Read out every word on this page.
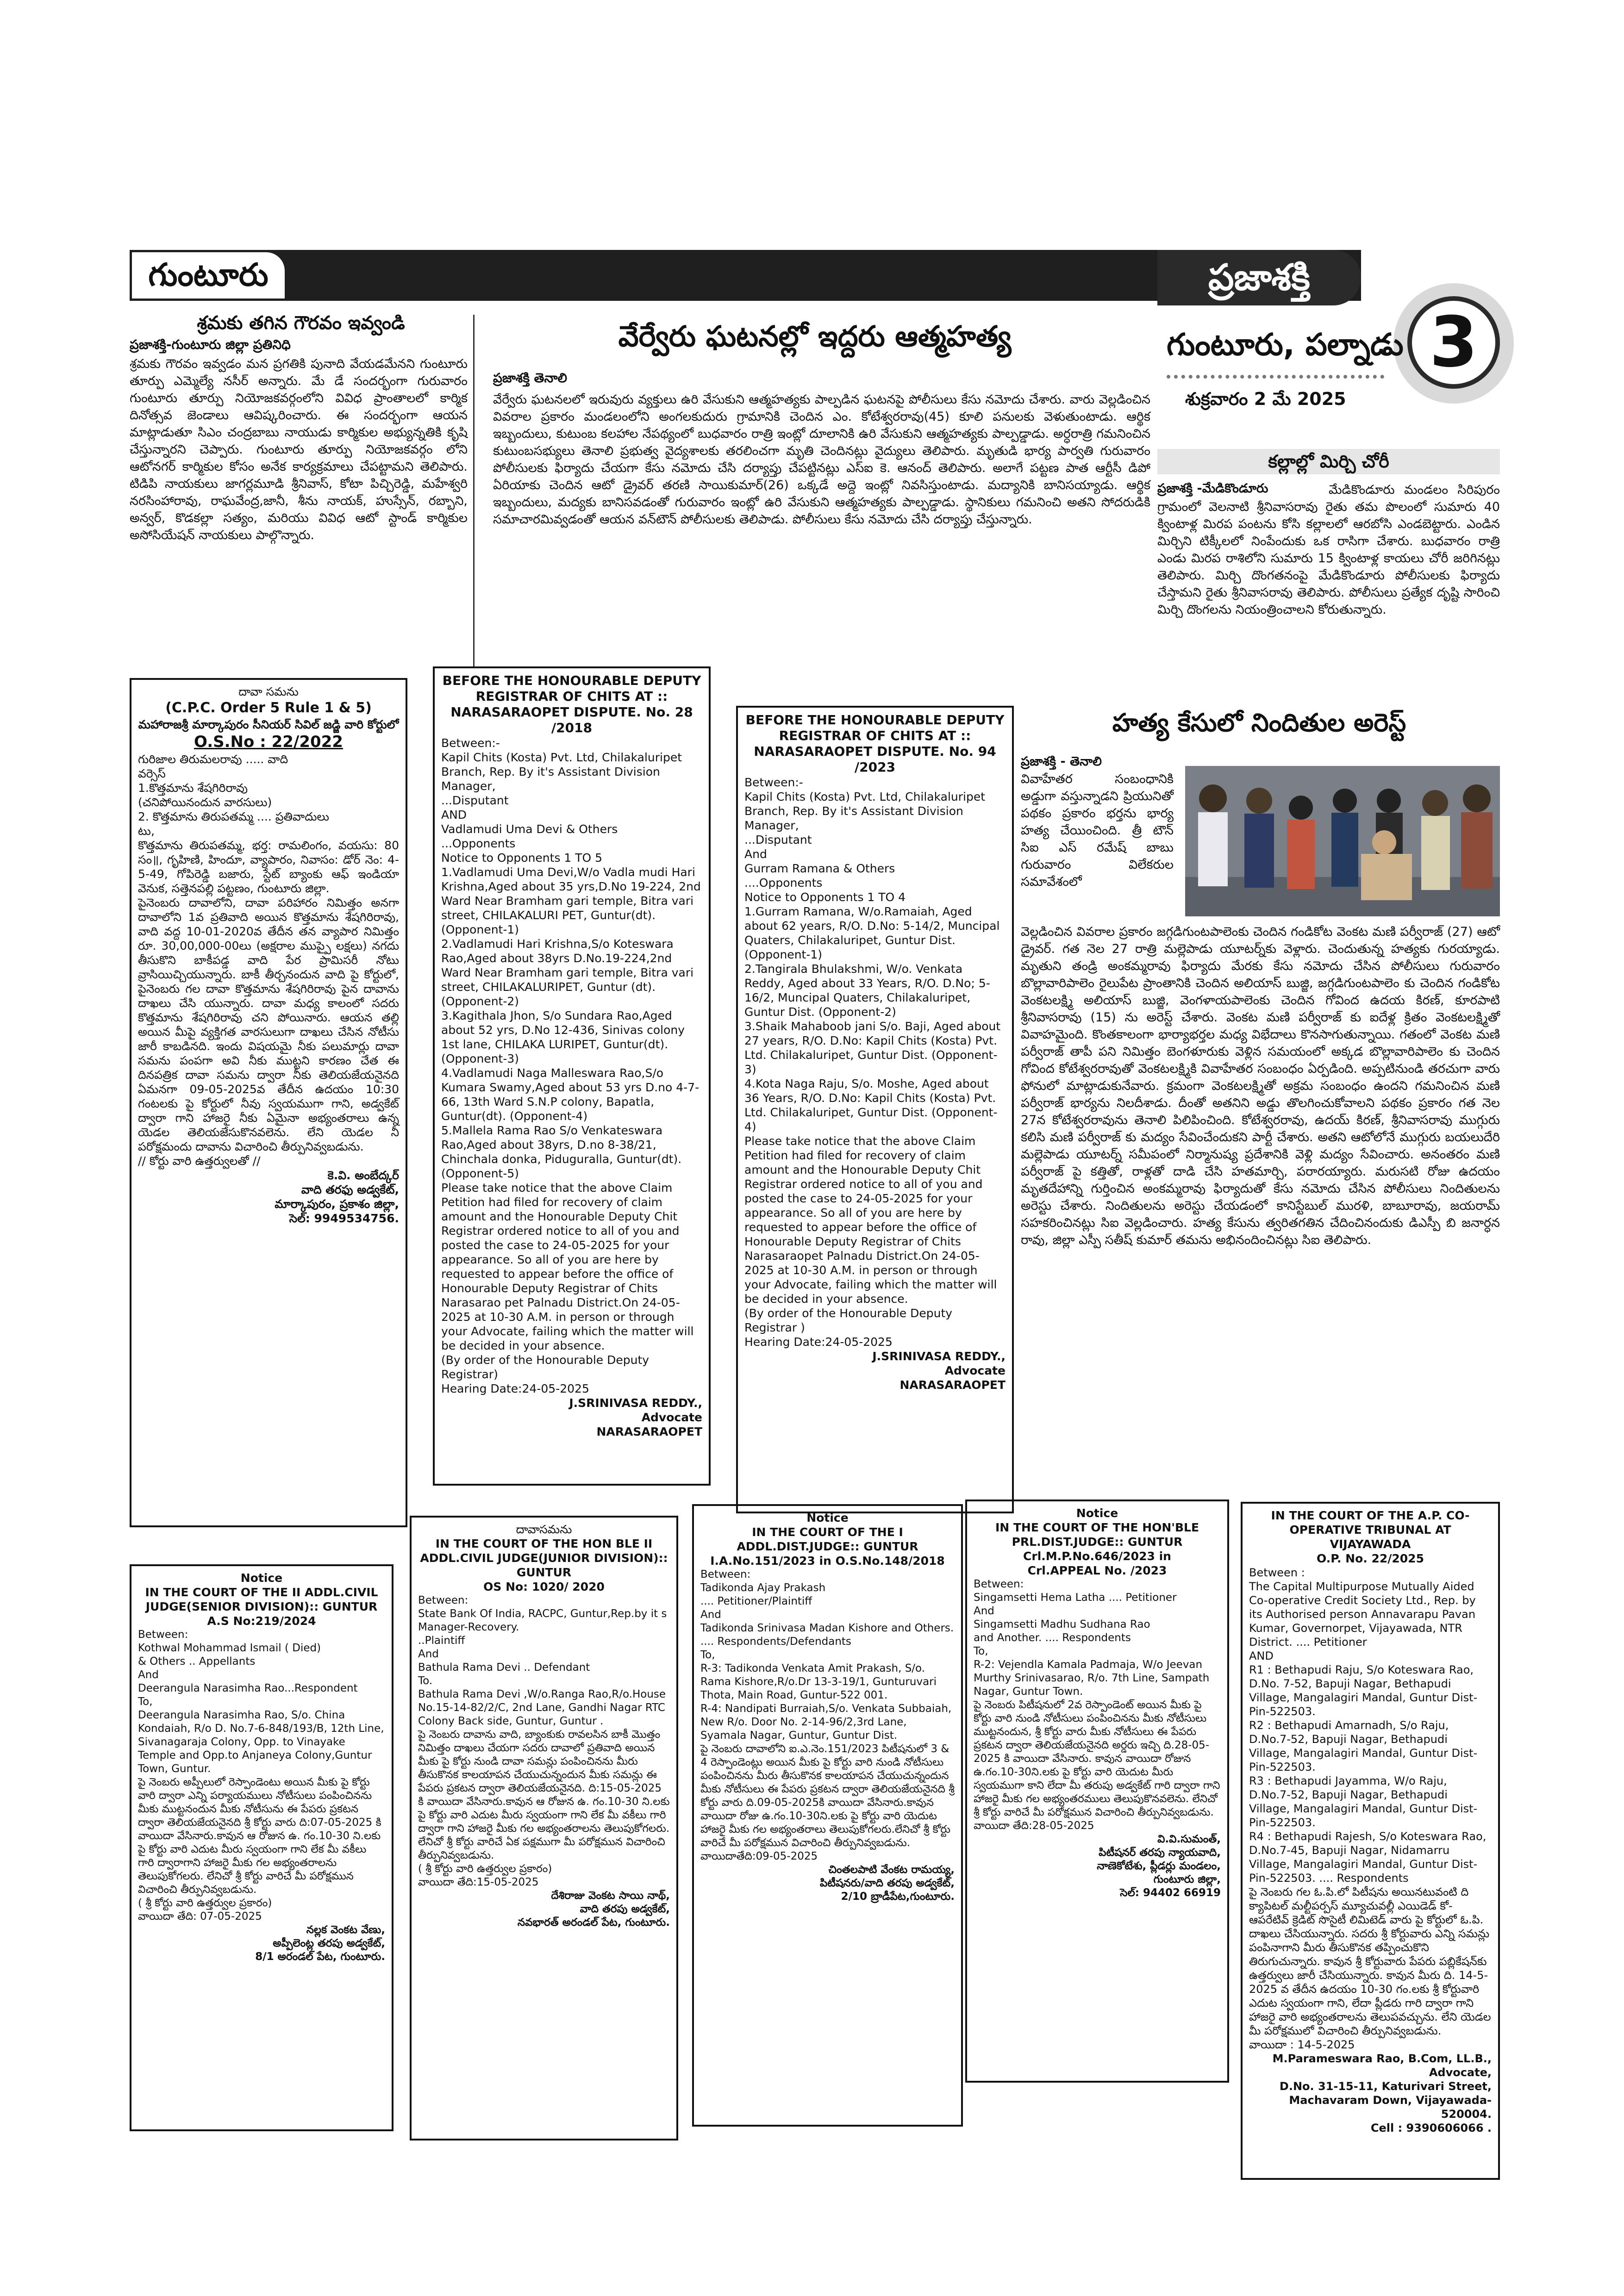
గుంటూరు	ప్రజాశక్తి
3
గుంటూరు, పల్నాడు
శుక్రవారం 2 మే 2025
శ్రమకు తగిన గౌరవం ఇవ్వండి
ప్రజాశక్తి-గుంటూరు జిల్లా ప్రతినిధి
శ్రమకు గౌరవం ఇవ్వడం మన ప్రగతికి పునాది వేయడమేనని గుంటూరు తూర్పు ఎమ్మెల్యే నసీర్ అన్నారు. మే డే సందర్భంగా గురువారం గుంటూరు తూర్పు నియోజకవర్గంలోని వివిధ ప్రాంతాలలో కార్మిక దినోత్సవ జెండాలు ఆవిష్కరించారు. ఈ సందర్భంగా ఆయన మాట్లాడుతూ సిఎం చంద్రబాబు నాయుడు కార్మికుల అభ్యున్నతికి కృషి చేస్తున్నారని చెప్పారు. గుంటూరు తూర్పు నియోజకవర్గం లోని ఆటోనగర్ కార్మికుల కోసం అనేక కార్యక్రమాలు చేపట్టామని తెలిపారు. టిడిపి నాయకులు జాగర్లమూడి శ్రీనివాస్, కోటా పిచ్చిరెడ్డి, మహేశ్వరి నరసింహారావు, రాఘవేంద్ర,జానీ, శీను నాయక్, హుస్సేన్, రబ్బాని, అన్వర్, కొడకల్లా సత్యం, మరియు వివిధ ఆటో స్టాండ్ కార్మికుల అసోసియేషన్ నాయకులు పాల్గొన్నారు.
వేర్వేరు ఘటనల్లో ఇద్దరు ఆత్మహత్య
ప్రజాశక్తి తెనాలి
వేర్వేరు ఘటనలలో ఇరువురు వ్యక్తులు ఉరి వేసుకుని ఆత్మహత్యకు పాల్పడిన ఘటనపై పోలీసులు కేసు నమోదు చేశారు. వారు వెల్లడించిన వివరాల ప్రకారం మండలంలోని అంగలకుదురు గ్రామానికి చెందిన ఎం. కోటేశ్వరరావు(45) కూలి పనులకు వెళుతుంటాడు. ఆర్థిక ఇబ్బందులు, కుటుంబ కలహాల నేపథ్యంలో బుధవారం రాత్రి ఇంట్లో దూలానికి ఉరి వేసుకుని ఆత్మహత్యకు పాల్పడ్డాడు. అర్ధరాత్రి గమనించిన కుటుంబసభ్యులు తెనాలి ప్రభుత్వ వైద్యశాలకు తరలించగా మృతి చెందినట్లు వైద్యులు తెలిపారు. మృతుడి భార్య పార్వతి గురువారం పోలీసులకు ఫిర్యాదు చేయగా కేసు నమోదు చేసి దర్యాప్తు చేపట్టినట్లు ఎస్ఐ కె. ఆనంద్ తెలిపారు. అలాగే పట్టణ పాత ఆర్టీసీ డిపో ఏరియాకు చెందిన ఆటో డ్రైవర్ తరణి సాయికుమార్(26) ఒక్కడే అద్దె ఇంట్లో నివసిస్తుంటాడు. మద్యానికి బానిసయ్యాడు. ఆర్థిక ఇబ్బందులు, మద్యకు బానిసవడంతో గురువారం ఇంట్లో ఉరి వేసుకుని ఆత్మహత్యకు పాల్పడ్డాడు. స్థానికులు గమనించి అతని సోదరుడికి సమాచారమివ్వడంతో ఆయన వన్‌టౌన్ పోలీసులకు తెలిపాడు. పోలీసులు కేసు నమోదు చేసి దర్యాప్తు చేస్తున్నారు.
కల్లాల్లో మిర్చి చోరీ
ప్రజాశక్తి -మేడికొండూరు	మేడికొండూరు మండలం సిరిపురం గ్రామంలో వెలనాటి శ్రీనివాసరావు రైతు తమ పొలంలో సుమారు 40 క్వింటాళ్ల మిరప పంటను కోసి కల్లాలలో ఆరబోసి ఎండబెట్టారు. ఎండిన మిర్చిని టిక్కీలలో నింపేందుకు ఒక రాసిగా చేశారు. బుధవారం రాత్రి ఎండు మిరప రాశిలోని సుమారు 15 క్వింటాళ్ల కాయలు చోరీ జరిగినట్లు తెలిపారు. మిర్చి దొంగతనంపై మేడికొండూరు పోలీసులకు ఫిర్యాదు చేస్తామని రైతు శ్రీనివాసరావు తెలిపారు. పోలీసులు ప్రత్యేక దృష్టి సారించి మిర్చి దొంగలను నియంత్రించాలని కోరుతున్నారు.
హత్య కేసులో నిందితుల అరెస్ట్
ప్రజాశక్తి - తెనాలి
వివాహేతర సంబంధానికి అడ్డుగా వస్తున్నాడని ప్రియునితో పథకం ప్రకారం భర్తను భార్య హత్య చేయించింది. త్రీ టౌన్ సిఐ ఎస్ రమేష్ బాబు గురువారం విలేకరుల సమావేశంలో
వెల్లడించిన వివరాల ప్రకారం జగ్గడిగుంటపాలెంకు చెందిన గండికోట వెంకట మణి పర్వీరాజ్ (27) ఆటో డ్రైవర్. గత నెల 27 రాత్రి మల్లెపాడు యూటర్న్‌కు వెళ్లారు. చెందుతున్న హత్యకు గురయ్యాడు. మృతుని తండ్రి అంకమ్మరావు ఫిర్యాదు మేరకు కేసు నమోదు చేసిన పోలీసులు గురువారం బొల్లావారిపాలెం రైలుపేట ప్రాంతానికి చెందిన అలియాస్ బుజ్జి, జగ్గడిగుంటపాలెం కు చెందిన గండికోట వెంకటలక్ష్మి అలియాస్ బుజ్జి, వెంగళాయపాలెంకు చెందిన గోవింద ఉదయ కిరణ్, కూరపాటి శ్రీనివాసరావు (15) ను అరెస్ట్ చేశారు. వెంకట మణి పర్వీరాజ్ కు ఐదేళ్ల క్రితం వెంకటలక్ష్మితో వివాహమైంది. కొంతకాలంగా భార్యాభర్తల మధ్య విభేదాలు కొనసాగుతున్నాయి. గతంలో వెంకట మణి పర్వీరాజ్ తాపీ పని నిమిత్తం బెంగళూరుకు వెళ్లిన సమయంలో అక్కడ బొల్లావారిపాలెం కు చెందిన గోవింద కోటేశ్వరరావుతో వెంకటలక్ష్మికి వివాహేతర సంబంధం ఏర్పడింది. అప్పటినుండి తరచుగా వారు ఫోనులో మాట్లాడుకునేవారు. క్రమంగా వెంకటలక్ష్మితో అక్రమ సంబంధం ఉందని గమనించిన మణి పర్వీరాజ్ భార్యను నిలదీశాడు. దీంతో అతనిని అడ్డు తొలగించుకోవాలని పథకం ప్రకారం గత నెల 27న కోటేశ్వరరావును తెనాలి పిలిపించింది. కోటేశ్వరరావు, ఉదయ్ కిరణ్, శ్రీనివాసరావు ముగ్గురు కలిసి మణి పర్వీరాజ్ కు మద్యం సేవించేందుకని పార్టీ చేశారు. అతని ఆటోలోనే ముగ్గురు బయలుదేరి మల్లెపాడు యూటర్న్ సమీపంలో నిర్మానుష్య ప్రదేశానికి వెళ్లి మద్యం సేవించారు. అనంతరం మణి పర్వీరాజ్ పై కత్తితో, రాళ్లతో దాడి చేసి హతమార్చి, పరారయ్యారు. మరుసటి రోజు ఉదయం మృతదేహాన్ని గుర్తించిన అంకమ్మరావు ఫిర్యాదుతో కేసు నమోదు చేసిన పోలీసులు నిందితులను అరెస్టు చేశారు. నిందితులను అరెస్టు చేయడంలో కానిస్టేబుల్ మురళి, బాబూరావు, జయరామ్ సహకరించినట్లు సిఐ వెల్లడించారు. హత్య కేసును త్వరితగతిన చేదించినందుకు డిఎస్పీ బి జనార్ధన రావు, జిల్లా ఎస్పీ సతీష్ కుమార్ తమను అభినందించినట్లు సిఐ తెలిపారు.
దావా సమను
(C.P.C. Order 5 Rule 1 & 5)
మహారాజశ్రీ మార్కాపురం సీనియర్ సివిల్ జడ్జి వారి కోర్టులో
O.S.No : 22/2022
గురిజాల తిరుమలరావు ..... వాది
వర్సెస్
1.కొత్తమాను శేషగిరిరావు
(చనిపోయినందున వారసులు)
2. కొత్తమాను తిరుపతమ్మ .... ప్రతివాదులు
టు,
కొత్తమాను తిరుపతమ్మ, భర్త: రామలింగం, వయసు: 80 సం॥, గృహిణి, హిందూ, వ్యాపారం, నివాసం: డోర్ నెం: 4-5-49, గోపిరెడ్డి బజారు, స్టేట్ బ్యాంకు ఆఫ్ ఇండియా వెనుక, సత్తెనపల్లి పట్టణం, గుంటూరు జిల్లా.
పైనెంబరు దావాలోని, దావా పరిహారం నిమిత్తం అనగా దావాలోని 1వ ప్రతివాది అయిన కొత్తమాను శేషగిరిరావు, వాది వద్ద 10-01-2020వ తేదీన తన వ్యాపార నిమిత్తం రూ. 30,00,000-00లు (అక్షరాల ముప్పై లక్షలు) నగదు తీసుకొని బాకీపడ్డ వాది పేర ప్రామిసరీ నోటు వ్రాసియిచ్చియున్నారు. బాకీ తీర్చనందున వాది పై కోర్టులో, పైనెంబరు గల దావా కొత్తమాను శేషగిరిరావు పైన దావాను దాఖలు చేసి యున్నారు. దావా మధ్య కాలంలో సదరు కొత్తమాను శేషగిరిరావు చని పోయినారు. ఆయన తల్లి అయిన మీపై వ్యక్తిగత వారసులుగా దాఖలు చేసిన నోటీసు జారీ కాబడినది. ఇందు విషయమై నీకు పలుమార్లు దావా సమను పంపగా అవి నీకు ముట్టని కారణం చేత ఈ దినపత్రిక దావా సమను ద్వారా నీకు తెలియజేయనైనది ఏమనగా 09-05-2025వ తేదీన ఉదయం 10:30 గంటలకు పై కోర్టులో నీవు స్వయముగా గాని, అడ్వకేట్ ద్వారా గాని హాజరై నీకు ఏమైనా అభ్యంతరాలు ఉన్న యెడల తెలియజేసుకొనవలెను. లేని యెడల నీ పరోక్షమందు దావాను విచారించి తీర్పునివ్వబడును.
// కోర్టు వారి ఉత్తర్వులతో //
కె.వి. అంబేద్కర్
వాది తరఫు అడ్వకేట్,
మార్కాపురం, ప్రకాశం జిల్లా,
సెల్: 9949534756.
BEFORE THE HONOURABLE DEPUTY REGISTRAR OF CHITS AT :: NARASARAOPET DISPUTE. No. 28 /2018
Between:-
Kapil Chits (Kosta) Pvt. Ltd, Chilakaluripet Branch, Rep. By it's Assistant Division Manager,
...Disputant
AND
Vadlamudi Uma Devi & Others
...Opponents
Notice to Opponents 1 TO 5
1.Vadlamudi Uma Devi,W/o Vadla mudi Hari Krishna,Aged about 35 yrs,D.No 19-224, 2nd Ward Near Bramham gari temple, Bitra vari street, CHILAKALURI PET, Guntur(dt). (Opponent-1)
2.Vadlamudi Hari Krishna,S/o Koteswara Rao,Aged about 38yrs D.No.19-224,2nd Ward Near Bramham gari temple, Bitra vari street, CHILAKALURIPET, Guntur (dt). (Opponent-2)
3.Kagithala Jhon, S/o Sundara Rao,Aged about 52 yrs, D.No 12-436, Sinivas colony 1st lane, CHILAKA LURIPET, Guntur(dt). (Opponent-3)
4.Vadlamudi Naga Malleswara Rao,S/o Kumara Swamy,Aged about 53 yrs D.no 4-7-66, 13th Ward S.N.P colony, Bapatla, Guntur(dt). (Opponent-4)
5.Mallela Rama Rao S/o Venkateswara Rao,Aged about 38yrs, D.no 8-38/21, Chinchala donka, Piduguralla, Guntur(dt). (Opponent-5)
Please take notice that the above Claim Petition had filed for recovery of claim amount and the Honourable Deputy Chit Registrar ordered notice to all of you and posted the case to 24-05-2025 for your appearance. So all of you are here by requested to appear before the office of Honourable Deputy Registrar of Chits Narasarao pet Palnadu District.On 24-05-2025 at 10-30 A.M. in person or through your Advocate, failing which the matter will be decided in your absence.
(By order of the Honourable Deputy Registrar)
Hearing Date:24-05-2025
J.SRINIVASA REDDY.,
Advocate
NARASARAOPET
BEFORE THE HONOURABLE DEPUTY REGISTRAR OF CHITS AT :: NARASARAOPET DISPUTE. No. 94 /2023
Between:-
Kapil Chits (Kosta) Pvt. Ltd, Chilakaluripet Branch, Rep. By it's Assistant Division Manager,
...Disputant
And
Gurram Ramana & Others
....Opponents
Notice to Opponents 1 TO 4
1.Gurram Ramana, W/o.Ramaiah, Aged about 62 years, R/O. D.No: 5-14/2, Muncipal Quaters, Chilakaluripet, Guntur Dist. (Opponent-1)
2.Tangirala Bhulakshmi, W/o. Venkata Reddy, Aged about 33 Years, R/O. D.No; 5-16/2, Muncipal Quaters, Chilakaluripet, Guntur Dist. (Opponent-2)
3.Shaik Mahaboob jani S/o. Baji, Aged about 27 years, R/O. D.No: Kapil Chits (Kosta) Pvt. Ltd. Chilakaluripet, Guntur Dist. (Opponent-3)
4.Kota Naga Raju, S/o. Moshe, Aged about 36 Years, R/O. D.No: Kapil Chits (Kosta) Pvt. Ltd. Chilakaluripet, Guntur Dist. (Opponent-4)
Please take notice that the above Claim Petition had filed for recovery of claim amount and the Honourable Deputy Chit Registrar ordered notice to all of you and posted the case to 24-05-2025 for your appearance. So all of you are here by requested to appear before the office of Honourable Deputy Registrar of Chits Narasaraopet Palnadu District.On 24-05-2025 at 10-30 A.M. in person or through your Advocate, failing which the matter will be decided in your absence.
(By order of the Honourable Deputy Registrar )
Hearing Date:24-05-2025
J.SRINIVASA REDDY.,
Advocate
NARASARAOPET
IN THE COURT OF THE A.P. CO-OPERATIVE TRIBUNAL AT VIJAYAWADA
O.P. No. 22/2025
Between :
The Capital Multipurpose Mutually Aided Co-operative Credit Society Ltd., Rep. by its Authorised person Annavarapu Pavan Kumar, Governorpet, Vijayawada, NTR District. .... Petitioner
AND
R1 : Bethapudi Raju, S/o Koteswara Rao, D.No. 7-52, Bapuji Nagar, Bethapudi Village, Mangalagiri Mandal, Guntur Dist-Pin-522503.
R2 : Bethapudi Amarnadh, S/o Raju, D.No.7-52, Bapuji Nagar, Bethapudi Village, Mangalagiri Mandal, Guntur Dist-Pin-522503.
R3 : Bethapudi Jayamma, W/o Raju, D.No.7-52, Bapuji Nagar, Bethapudi Village, Mangalagiri Mandal, Guntur Dist-Pin-522503.
R4 : Bethapudi Rajesh, S/o Koteswara Rao, D.No.7-45, Bapuji Nagar, Nidamarru Village, Mangalagiri Mandal, Guntur Dist-Pin-522503. .... Respondents
పై నెంబరు గల ఓ.పి.లో పిటీషను అయినటువంటి ది క్యాపిటల్ మల్టీపర్పస్ మ్యూచువల్లీ ఎయిడెడ్ కో-ఆపరేటివ్ క్రెడిట్ సొసైటీ లిమిటెడ్ వారు పై కోర్టులో ఓ.పి. దాఖలు చేసియున్నారు. సదరు శ్రీ కోర్టువారు ఎన్ని సమన్లు పంపినాగాని మీరు తీసుకొనక తప్పించుకొని తిరుగుచున్నారు. కావున శ్రీ కోర్టువారు పేపరు పబ్లికేషన్‌కు ఉత్తర్వులు జారీ చేసియున్నారు. కావున మీరు ది. 14-5-2025 వ తేదీన ఉదయం 10-30 గం.లకు శ్రీ కోర్టువారి ఎదుట స్వయంగా గాని, లేదా ప్లీడరు గారి ద్వారా గాని హాజరై వారి అభ్యంతరాలను తెలుపవచ్చును. లేని యెడల మీ పరోక్షములో విచారించి తీర్పునివ్వబడును.
వాయిదా : 14-5-2025
M.Parameswara Rao, B.Com, LL.B.,
Advocate,
D.No. 31-15-11, Katurivari Street,
Machavaram Down, Vijayawada-520004.
Cell : 9390606066 .
Notice
IN THE COURT OF THE II ADDL.CIVIL JUDGE(SENIOR DIVISION):: GUNTUR A.S No:219/2024
Between:
Kothwal Mohammad Ismail ( Died)
& Others .. Appellants
And
Deerangula Narasimha Rao...Respondent
To,
Deerangula Narasimha Rao, S/o. China Kondaiah, R/o D. No.7-6-848/193/B, 12th Line, Sivanagaraja Colony, Opp. to Vinayake Temple and Opp.to Anjaneya Colony,Guntur Town, Guntur.
పై నెంబరు అప్పీలులో రెస్పాండెంటు అయిన మీకు పై కోర్టు వారి ద్వారా ఎన్ని పర్యాయములు నోటీసులు పంపించినను మీకు ముట్టనందున మీకు నోటీసును ఈ పేపరు ప్రకటన ద్వారా తెలియజేయనైనది శ్రీ కోర్టు వారు ది:07-05-2025 కి వాయిదా వేసినారు.కావున ఆ రోజున ఉ. గం.10-30 ని.లకు పై కోర్టు వారి ఎదుట మీరు స్వయంగా గాని లేక మీ వకీలు గారి ద్వారాగాని హాజరై మీకు గల అభ్యంతరాలను తెలుపుకోగలరు. లేనిచో శ్రీ కోర్టు వారిచే మీ పరోక్షమున విచారించి తీర్పునివ్వబడును.
( శ్రీ కోర్టు వారి ఉత్తర్వుల ప్రకారం)
వాయిదా తేది: 07-05-2025
నల్లక వెంకట వేణు,
అప్పీలెంట్ల తరపు అడ్వకేట్,
8/1 అరండల్ పేట, గుంటూరు.
దావాసమను
IN THE COURT OF THE HON BLE II ADDL.CIVIL JUDGE(JUNIOR DIVISION):: GUNTUR
OS No: 1020/ 2020
Between:
State Bank Of India, RACPC, Guntur,Rep.by it s Manager-Recovery.
..Plaintiff
And
Bathula Rama Devi .. Defendant
To.
Bathula Rama Devi ,W/o.Ranga Rao,R/o.House No.15-14-82/2/C, 2nd Lane, Gandhi Nagar RTC Colony Back side, Guntur, Guntur .
పై నెంబరు దావాను వాది, బ్యాంకుకు రావలసిన బాకీ మొత్తం నిమిత్తం దాఖలు చేయగా సదరు దావాలో ప్రతివాది అయిన మీకు పై కోర్టు నుండి దావా సమన్లు పంపించినను మీరు తీసుకొనక కాలయాపన చేయుచున్నందున మీకు సమన్లు ఈ పేపరు ప్రకటన ద్వారా తెలియజేయనైనది. ది:15-05-2025 కి వాయిదా వేసినారు.కావున ఆ రోజున ఉ. గం.10-30 ని.లకు పై కోర్టు వారి ఎదుట మీరు స్వయంగా గాని లేక మీ వకీలు గారి ద్వారా గాని హాజరై మీకు గల అభ్యంతరాలను తెలుపుకోగలరు. లేనిచో శ్రీ కోర్టు వారిచే ఏక పక్షముగా మీ పరోక్షమున విచారించి తీర్పునివ్వబడును.
( శ్రీ కోర్టు వారి ఉత్తర్వుల ప్రకారం)
వాయిదా తేది:15-05-2025
దేశిరాజు వెంకట సాయి నాథ్,
వాది తరపు అడ్వకేట్,
నవభారత్ అరండల్ పేట, గుంటూరు.
Notice
IN THE COURT OF THE I ADDL.DIST.JUDGE:: GUNTUR
I.A.No.151/2023 in O.S.No.148/2018
Between:
Tadikonda Ajay Prakash
.... Petitioner/Plaintiff
And
Tadikonda Srinivasa Madan Kishore and Others. .... Respondents/Defendants
To,
R-3: Tadikonda Venkata Amit Prakash, S/o. Rama Kishore,R/o.Dr 13-3-19/1, Gunturuvari Thota, Main Road, Guntur-522 001.
R-4: Nandipati Burraiah,S/o. Venkata Subbaiah, New R/o. Door No. 2-14-96/2,3rd Lane, Syamala Nagar, Guntur, Guntur Dist.
పై నెంబరు దావాలోని ఐ.ఎ.నెం.151/2023 పిటీషనులో 3 & 4 రెస్పాండెంట్లు అయిన మీకు పై కోర్టు వారి నుండి నోటీసులు పంపించినను మీరు తీసుకొనక కాలయాపన చేయుచున్నందున మీకు నోటీసులు ఈ పేపరు ప్రకటన ద్వారా తెలియజేయనైనది శ్రీ కోర్టు వారు ది.09-05-2025కి వాయిదా వేసినారు.కావున వాయిదా రోజు ఉ.గం.10-30ని.లకు పై కోర్టు వారి యెదుట హాజరై మీకు గల అభ్యంతరాలు తెలుపుకోగలరు.లేనిచో శ్రీ కోర్టు వారిచే మీ పరోక్షమున విచారించి తీర్పునివ్వబడును.
వాయిదాతేది:09-05-2025
చింతలపాటి వేంకట రామయ్య,
పిటీషనరు/వాది తరపు అడ్వకేట్,
2/10 బ్రాడీపేట,గుంటూరు.
Notice
IN THE COURT OF THE HON'BLE PRL.DIST.JUDGE:: GUNTUR
Crl.M.P.No.646/2023 in
Crl.APPEAL No. /2023
Between:
Singamsetti Hema Latha .... Petitioner
And
Singamsetti Madhu Sudhana Rao
and Another. .... Respondents
To,
R-2: Vejendla Kamala Padmaja, W/o Jeevan Murthy Srinivasarao, R/o. 7th Line, Sampath Nagar, Guntur Town.
పై నెంబరు పిటీషనులో 2వ రెస్పాండెంట్ అయిన మీకు పై కోర్టు వారి నుండి నోటీసులు పంపించినను మీకు నోటీసులు ముట్టనందున, శ్రీ కోర్టు వారు మీకు నోటీసులు ఈ పేపరు ప్రకటన ద్వారా తెలియజేయనైనది అర్డరు ఇచ్చి ది.28-05-2025 కి వాయిదా వేసినారు. కావున వాయిదా రోజున ఉ.గం.10-30ని.లకు పై కోర్టు వారి యెదుట మీరు స్వయముగా కాని లేదా మీ తరుపు అడ్వకేట్ గారి ద్వారా గాని హాజరై మీకు గల అభ్యంతరములు తెలుపుకొనవలెను. లేనిచో శ్రీ కోర్టు వారిచే మీ పరోక్షమున విచారించి తీర్పునివ్వబడును.
వాయిదా తేది:28-05-2025
వి.వి.సుమంత్,
పిటీషనర్ తరపు న్యాయవాది,
నాణెకోటేశు, ప్లీడర్లు మండలం,
గుంటూరు జిల్లా,
సెల్: 94402 66919
